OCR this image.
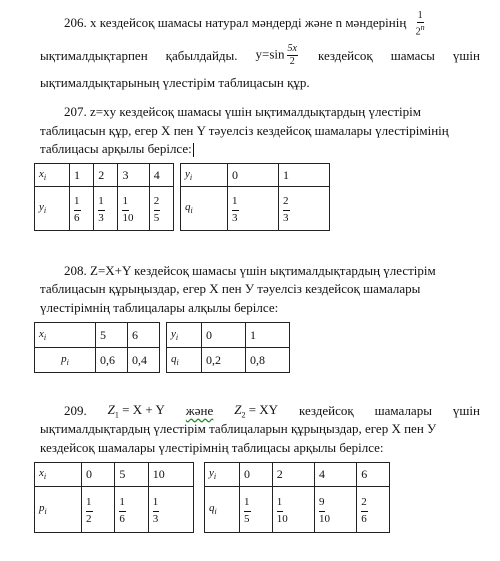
206. x кездейсоқ шамасы натурал мәндерді және n мәндерінің $\frac{1}{2^n}$
ықтималдықтарпен қабылдайды. $y=\sin \frac{5x}{2}$ кездейсоқ шамасы үшін
ықтималдықтарының үлестірім таблицасын құр.
207. z=xy кездейсоқ шамасы үшін ықтималдықтардың үлестірім
таблицасын құр, егер X пен Y тәуелсіз кездейсоқ шамалары үлестірімінің
таблицасы арқылы берілсе:
$x_i$	1	2	3	4
$y_i$	$\frac{1}{6}$	$\frac{1}{3}$	$\frac{1}{10}$	$\frac{2}{5}$
$y_i$	0	1
$q_i$	$\frac{1}{3}$	$\frac{2}{3}$
208. Z=X+Y кездейсоқ шамасы үшін ықтималдықтардың үлестірім
таблицасын құрыңыздар, егер X пен У тәуелсіз кездейсоқ шамалары
үлестірімнің таблицалары алқылы берілсе:
$x_i$	5	6
$p_i$	0,6	0,4
$y_i$	0	1
$q_i$	0,2	0,8
209. $Z_1 = X + Y$ және $Z_2$ = XY кездейсоқ шамалары үшін
ықтималдықтардың үлестірім таблицаларын құрыңыздар, егер X пен У
кездейсоқ шамалары үлестірімнің таблицасы арқылы берілсе:
$x_i$	0	5	10
$p_i$	$\frac{1}{2}$	$\frac{1}{6}$	$\frac{1}{3}$
$y_i$	0	2	4	6
$q_i$	$\frac{1}{5}$	$\frac{1}{10}$	$\frac{9}{10}$	$\frac{2}{6}$
